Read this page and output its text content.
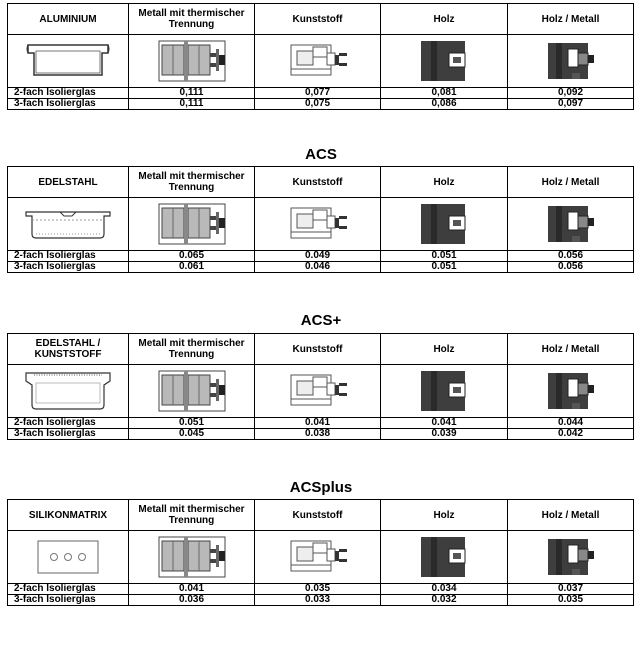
ALUMINIUM	Metall mit thermischer Trennung	Kunststoff	Holz	Holz / Metall

2-fach Isolierglas	0,111	0,077	0,081	0,092
3-fach Isolierglas	0,111	0,075	0,086	0,097
ACS
EDELSTAHL	Metall mit thermischer Trennung	Kunststoff	Holz	Holz / Metall

2-fach Isolierglas	0.065	0.049	0.051	0.056
3-fach Isolierglas	0.061	0.046	0.051	0.056
ACS+
EDELSTAHL / KUNSTSTOFF	Metall mit thermischer Trennung	Kunststoff	Holz	Holz / Metall

2-fach Isolierglas	0.051	0.041	0.041	0.044
3-fach Isolierglas	0.045	0.038	0.039	0.042
ACSplus
SILIKONMATRIX	Metall mit thermischer Trennung	Kunststoff	Holz	Holz / Metall

2-fach Isolierglas	0.041	0.035	0.034	0.037
3-fach Isolierglas	0.036	0.033	0.032	0.035
